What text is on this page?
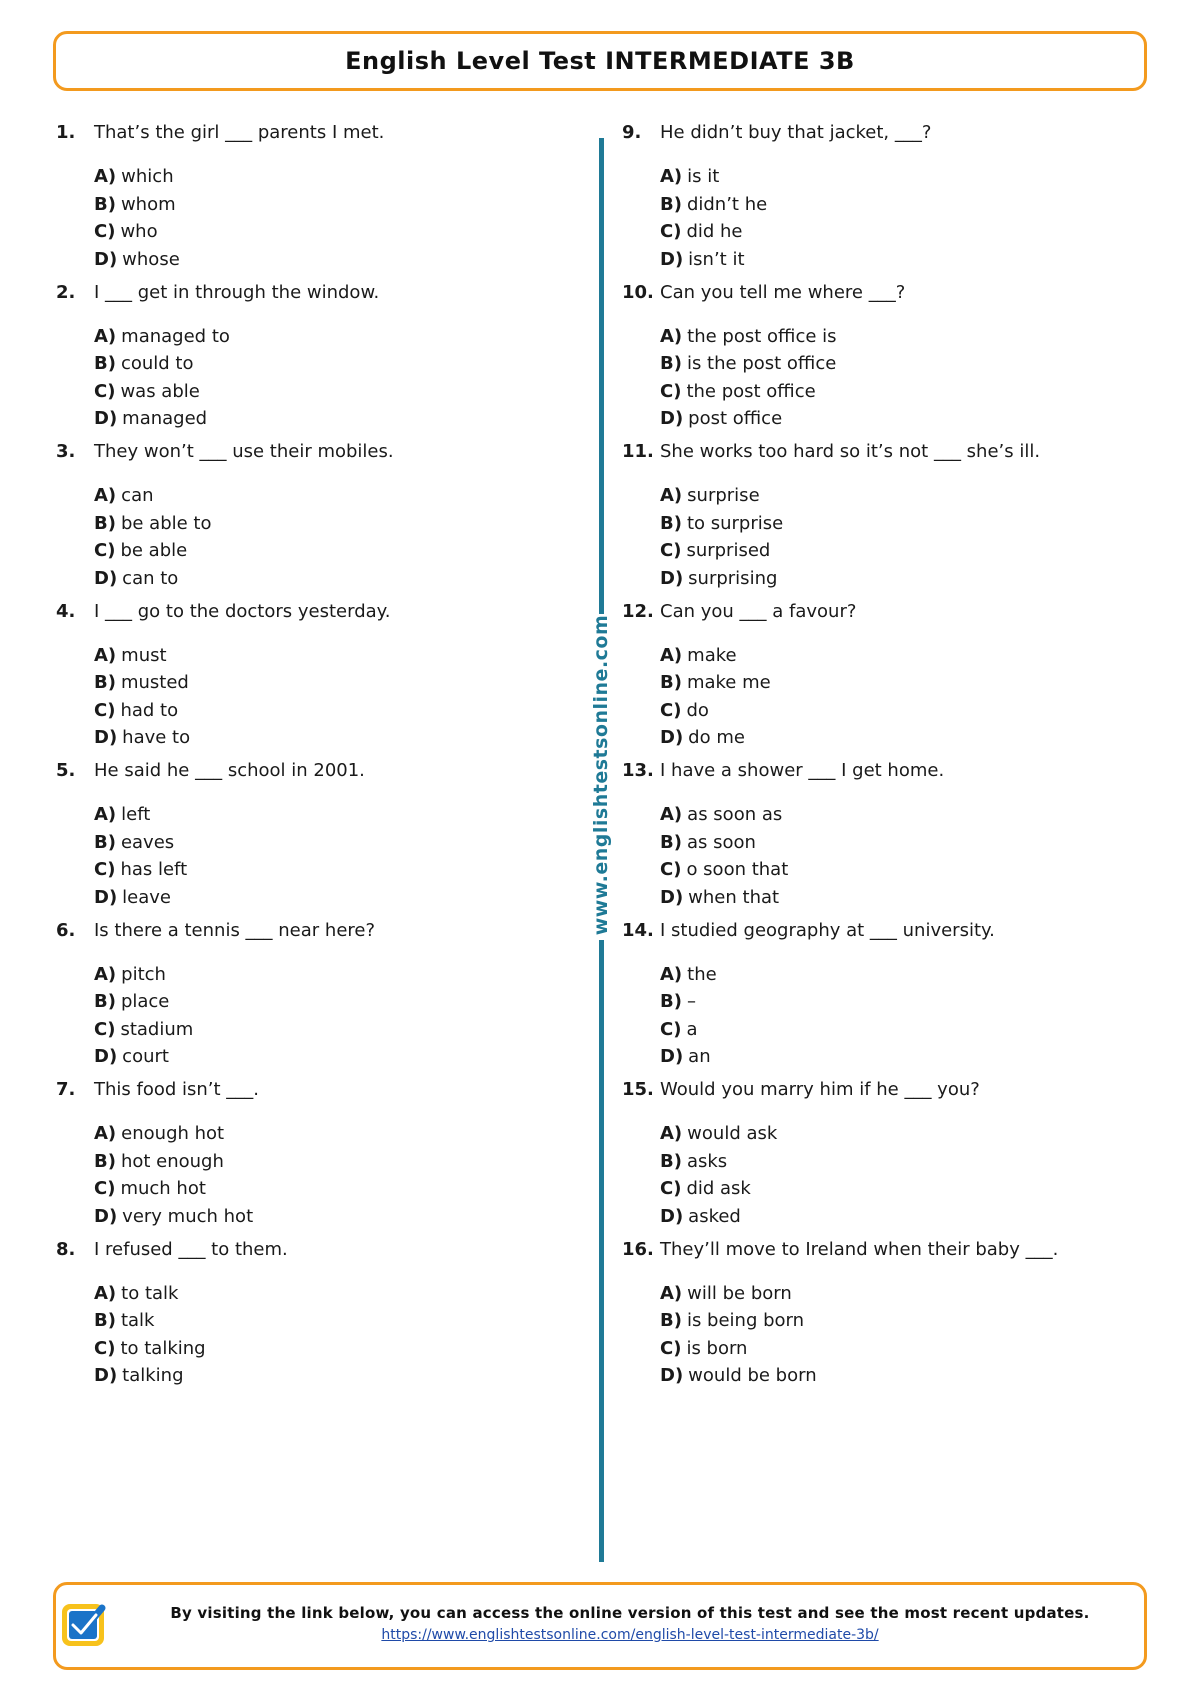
English Level Test INTERMEDIATE 3B
1.	That’s the girl ___ parents I met.
A) which
B) whom
C) who
D) whose
2.	I ___ get in through the window.
A) managed to
B) could to
C) was able
D) managed
3.	They won’t ___ use their mobiles.
A) can
B) be able to
C) be able
D) can to
4.	I ___ go to the doctors yesterday.
A) must
B) musted
C) had to
D) have to
5.	He said he ___ school in 2001.
A) left
B) eaves
C) has left
D) leave
6.	Is there a tennis ___ near here?
A) pitch
B) place
C) stadium
D) court
7.	This food isn’t ___.
A) enough hot
B) hot enough
C) much hot
D) very much hot
8.	I refused ___ to them.
A) to talk
B) talk
C) to talking
D) talking
9.	He didn’t buy that jacket, ___?
A) is it
B) didn’t he
C) did he
D) isn’t it
10. Can you tell me where ___?
A) the post office is
B) is the post office
C) the post office
D) post office
11. She works too hard so it’s not ___ she’s ill.
A) surprise
B) to surprise
C) surprised
D) surprising
12. Can you ___ a favour?
A) make
B) make me
C) do
D) do me
13. I have a shower ___ I get home.
A) as soon as
B) as soon
C) o soon that
D) when that
14. I studied geography at ___ university.
A) the
B) –
C) a
D) an
15. Would you marry him if he ___ you?
A) would ask
B) asks
C) did ask
D) asked
16. They’ll move to Ireland when their baby ___.
A) will be born
B) is being born
C) is born
D) would be born
www.englishtestsonline.com
By visiting the link below, you can access the online version of this test and see the most recent updates.
https://www.englishtestsonline.com/english-level-test-intermediate-3b/
